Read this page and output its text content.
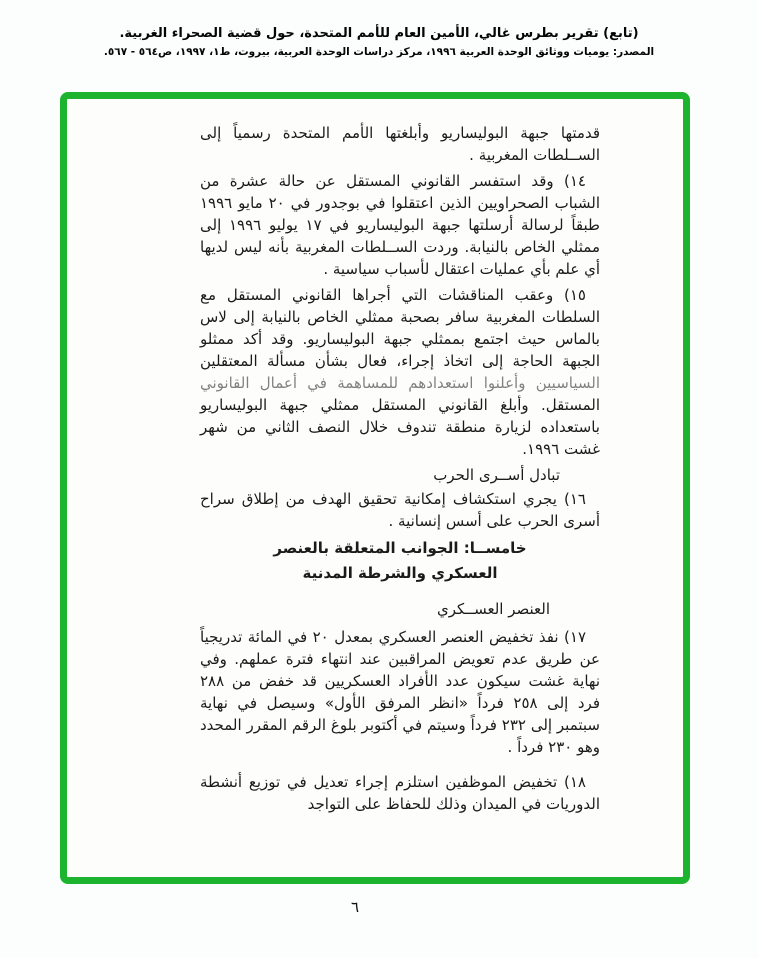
(تابع) تقرير بطرس غالي، الأمين العام للأمم المتحدة، حول قضية الصحراء الغربية.
المصدر: يوميات ووثائق الوحدة العربية ١٩٩٦، مركز دراسات الوحدة العربية، بيروت، ط١، ١٩٩٧، ص٥٦٤ - ٥٦٧.

قدمتها جبهة البوليساريو وأبلغتها الأمم المتحدة رسمياً إلى الســلطات المغربية .

١٤) وقد استفسر القانوني المستقل عن حالة عشرة من الشباب الصحراويين الذين اعتقلوا في بوجدور في ٢٠ مايو ١٩٩٦ طبقاً لرسالة أرسلتها جبهة البوليساريو في ١٧ يوليو ١٩٩٦ إلى ممثلي الخاص بالنيابة. وردت الســلطات المغربية بأنه ليس لديها أي علم بأي عمليات اعتقال لأسباب سياسية .

١٥) وعقب المناقشات التي أجراها القانوني المستقل مع السلطات المغربية سافر بصحبة ممثلي الخاص بالنيابة إلى لاس بالماس حيث اجتمع بممثلي جبهة البوليساريو. وقد أكد ممثلو الجبهة الحاجة إلى اتخاذ إجراء، فعال بشأن مسألة المعتقلين السياسيين وأعلنوا استعدادهم للمساهمة في أعمال القانوني المستقل. وأبلغ القانوني المستقل ممثلي جبهة البوليساريو باستعداده لزيارة منطقة تندوف خلال النصف الثاني من شهر غشت ١٩٩٦.

تبادل أســرى الحرب

١٦) يجري استكشاف إمكانية تحقيق الهدف من إطلاق سراح أسرى الحرب على أسس إنسانية .

خامســا: الجوانب المتعلقة بالعنصر

العسكري والشرطة المدنية

العنصر العســكري

١٧) نفذ تخفيض العنصر العسكري بمعدل ٢٠ في المائة تدريجياً عن طريق عدم تعويض المراقبين عند انتهاء فترة عملهم. وفي نهاية غشت سيكون عدد الأفراد العسكريين قد خفض من ٢٨٨ فرد إلى ٢٥٨ فرداً «انظر المرفق الأول» وسيصل في نهاية سبتمبر إلى ٢٣٢ فرداً وسيتم في أكتوبر بلوغ الرقم المقرر المحدد وهو ٢٣٠ فرداً .

١٨) تخفيض الموظفين استلزم إجراء تعديل في توزيع أنشطة الدوريات في الميدان وذلك للحفاظ على التواجد

٦
